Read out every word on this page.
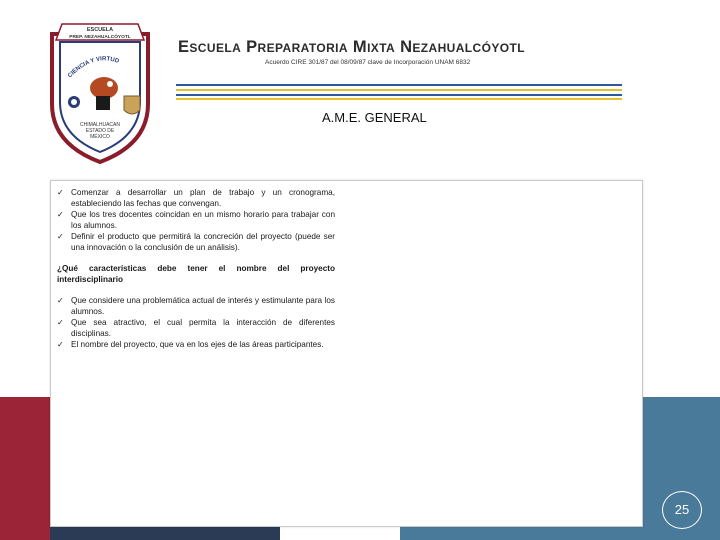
ESCUELA
PREP. NEZAHUALCÓYOTL
CIENCIA Y VIRTUD
CHIMALHUACAN
ESTADO DE
MÉXICO
Escuela Preparatoria Mixta Nezahualcóyotl
Acuerdo CIRE 301/87 del 08/09/87 clave de Incorporación UNAM 6832
A.M.E. GENERAL
✓ Comenzar a desarrollar un plan de trabajo y un cronograma, estableciendo las fechas que convengan.
✓ Que los tres docentes coincidan en un mismo horario para trabajar con los alumnos.
✓ Definir el producto que permitirá la concreción del proyecto (puede ser una innovación o la conclusión de un análisis).
¿Qué características debe tener el nombre del proyecto interdisciplinario
✓ Que considere una problemática actual de interés y estimulante para los alumnos.
✓ Que sea atractivo, el cual permita la interacción de diferentes disciplinas.
✓ El nombre del proyecto, que va en los ejes de las áreas participantes.
25
